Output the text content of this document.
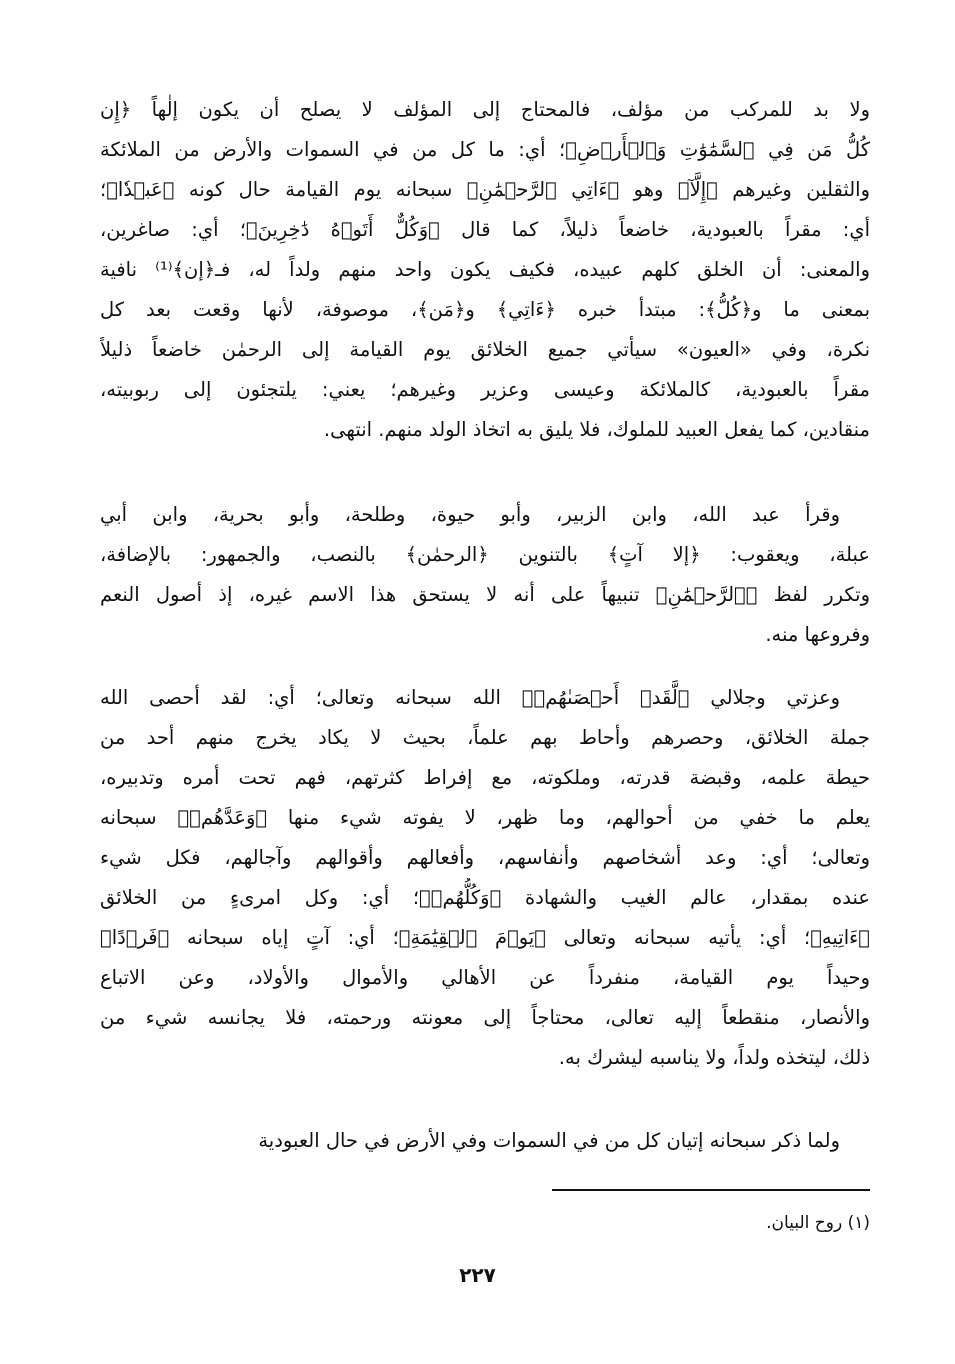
ولا بد للمركب من مؤلف، فالمحتاج إلى المؤلف لا يصلح أن يكون إلٰهاً ﴿إِن
كُلُّ مَن فِي ٱلسَّمَٰوَٰتِ وَٱلۡأَرۡضِ﴾؛ أي: ما كل من في السموات والأرض من الملائكة
والثقلين وغيرهم ﴿إِلَّآ﴾ وهو ﴿ءَاتِي ٱلرَّحۡمَٰنِ﴾ سبحانه يوم القيامة حال كونه ﴿عَبۡدٗا﴾؛
أي: مقراً بالعبودية، خاضعاً ذليلاً، كما قال ﴿وَكُلٌّ أَتَوۡهُ دَٰخِرِينَ﴾؛ أي: صاغرين،
والمعنى: أن الخلق كلهم عبيده، فكيف يكون واحد منهم ولداً له، فـ﴿إن﴾⁽¹⁾ نافية
بمعنى ما و﴿كُلُّ﴾: مبتدأ خبره ﴿ءَاتِي﴾ و﴿مَن﴾، موصوفة، لأنها وقعت بعد كل
نكرة، وفي «العيون» سيأتي جميع الخلائق يوم القيامة إلى الرحمٰن خاضعاً ذليلاً
مقراً بالعبودية، كالملائكة وعيسى وعزير وغيرهم؛ يعني: يلتجئون إلى ربوبيته،
منقادين، كما يفعل العبيد للملوك، فلا يليق به اتخاذ الولد منهم. انتهى.
وقرأ عبد الله، وابن الزبير، وأبو حيوة، وطلحة، وأبو بحرية، وابن أبي
عبلة، ويعقوب: ﴿إلا آتٍ﴾ بالتنوين ﴿الرحمٰن﴾ بالنصب، والجمهور: بالإضافة،
وتكرر لفظ ﴿ٱلرَّحۡمَٰنِ﴾ تنبيهاً على أنه لا يستحق هذا الاسم غيره، إذ أصول النعم
وفروعها منه.
وعزتي وجلالي ﴿لَّقَدۡ أَحۡصَىٰهُمۡ﴾ الله سبحانه وتعالى؛ أي: لقد أحصى الله
جملة الخلائق، وحصرهم وأحاط بهم علماً، بحيث لا يكاد يخرج منهم أحد من
حيطة علمه، وقبضة قدرته، وملكوته، مع إفراط كثرتهم، فهم تحت أمره وتدبيره،
يعلم ما خفي من أحوالهم، وما ظهر، لا يفوته شيء منها ﴿وَعَدَّهُمۡ﴾ سبحانه
وتعالى؛ أي: وعد أشخاصهم وأنفاسهم، وأفعالهم وأقوالهم وآجالهم، فكل شيء
عنده بمقدار، عالم الغيب والشهادة ﴿وَكُلُّهُمۡ﴾؛ أي: وكل امرىءٍ من الخلائق
﴿ءَاتِيهِ﴾؛ أي: يأتيه سبحانه وتعالى ﴿يَوۡمَ ٱلۡقِيَٰمَةِ﴾؛ أي: آتٍ إياه سبحانه ﴿فَرۡدًا﴾
وحيداً يوم القيامة، منفرداً عن الأهالي والأموال والأولاد، وعن الاتباع
والأنصار، منقطعاً إليه تعالى، محتاجاً إلى معونته ورحمته، فلا يجانسه شيء من
ذلك، ليتخذه ولداً، ولا يناسبه ليشرك به.
ولما ذكر سبحانه إتيان كل من في السموات وفي الأرض في حال العبودية
(١) روح البيان.
٢٢٧
